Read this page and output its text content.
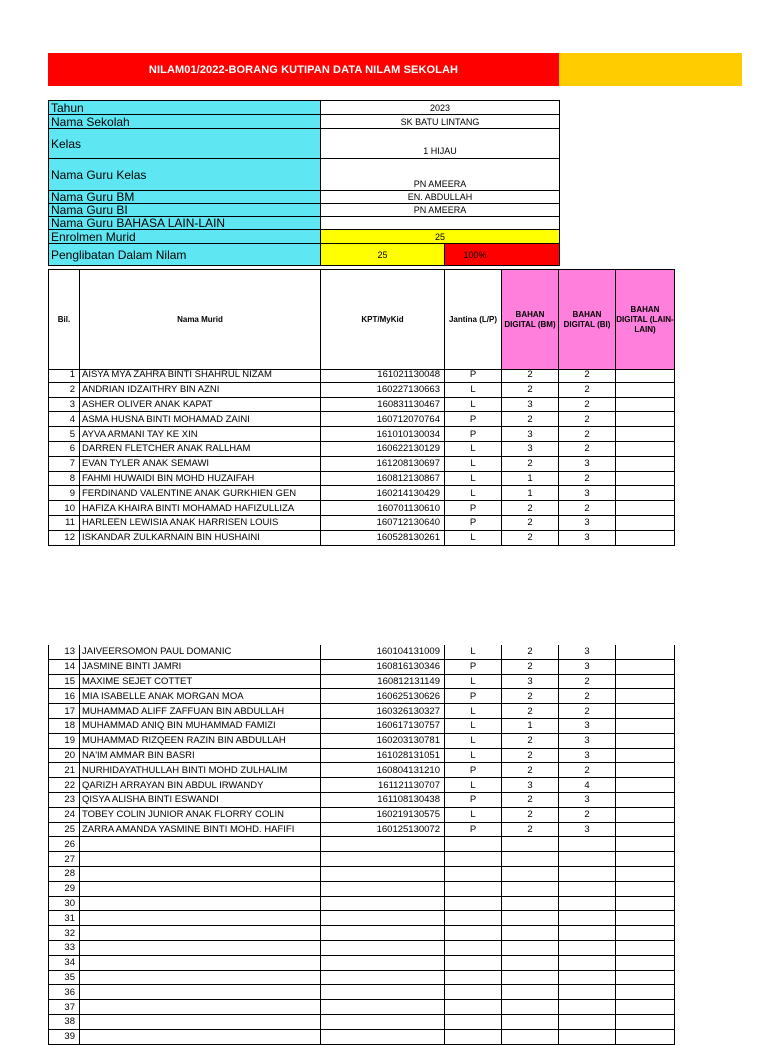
NILAM01/2022-BORANG KUTIPAN DATA NILAM SEKOLAH
Tahun	2023	
Nama Sekolah	SK BATU LINTANG	
Kelas	1 HIJAU	
Nama Guru Kelas	PN AMEERA	
Nama Guru BM	EN. ABDULLAH	
Nama Guru BI	PN AMEERA	
Nama Guru BAHASA LAIN-LAIN		
Enrolmen Murid	25	
Penglibatan Dalam Nilam	25	100%
Bil.	Nama Murid	KPT/MyKid	Jantina (L/P)	BAHAN DIGITAL (BM)	BAHAN DIGITAL (BI)	BAHAN DIGITAL (LAIN-LAIN)
1	AISYA MYA ZAHRA BINTI SHAHRUL NIZAM	161021130048	P	2	2	
2	ANDRIAN IDZAITHRY BIN AZNI	160227130663	L	2	2	
3	ASHER OLIVER ANAK KAPAT	160831130467	L	3	2	
4	ASMA HUSNA BINTI MOHAMAD ZAINI	160712070764	P	2	2	
5	AYVA ARMANI TAY KE XIN	161010130034	P	3	2	
6	DARREN FLETCHER ANAK RALLHAM	160622130129	L	3	2	
7	EVAN TYLER ANAK SEMAWI	161208130697	L	2	3	
8	FAHMI HUWAIDI BIN MOHD HUZAIFAH	160812130867	L	1	2	
9	FERDINAND VALENTINE ANAK GURKHIEN GEN	160214130429	L	1	3	
10	HAFIZA KHAIRA BINTI MOHAMAD HAFIZULLIZA	160701130610	P	2	2	
11	HARLEEN LEWISIA ANAK HARRISEN LOUIS	160712130640	P	2	3	
12	ISKANDAR ZULKARNAIN BIN HUSHAINI	160528130261	L	2	3	
13	JAIVEERSOMON PAUL DOMANIC	160104131009	L	2	3	
14	JASMINE BINTI JAMRI	160816130346	P	2	3	
15	MAXIME SEJET COTTET	160812131149	L	3	2	
16	MIA ISABELLE ANAK MORGAN MOA	160625130626	P	2	2	
17	MUHAMMAD ALIFF ZAFFUAN BIN ABDULLAH	160326130327	L	2	2	
18	MUHAMMAD ANIQ BIN MUHAMMAD FAMIZI	160617130757	L	1	3	
19	MUHAMMAD RIZQEEN RAZIN BIN ABDULLAH	160203130781	L	2	3	
20	NA'IM AMMAR BIN BASRI	161028131051	L	2	3	
21	NURHIDAYATHULLAH BINTI MOHD ZULHALIM	160804131210	P	2	2	
22	QARIZH ARRAYAN BIN ABDUL IRWANDY	161121130707	L	3	4	
23	QISYA ALISHA BINTI ESWANDI	161108130438	P	2	3	
24	TOBEY COLIN JUNIOR ANAK FLORRY COLIN	160219130575	L	2	2	
25	ZARRA AMANDA YASMINE BINTI MOHD. HAFIFI	160125130072	P	2	3	
26						
27						
28						
29						
30						
31						
32						
33						
34						
35						
36						
37						
38						
39						
